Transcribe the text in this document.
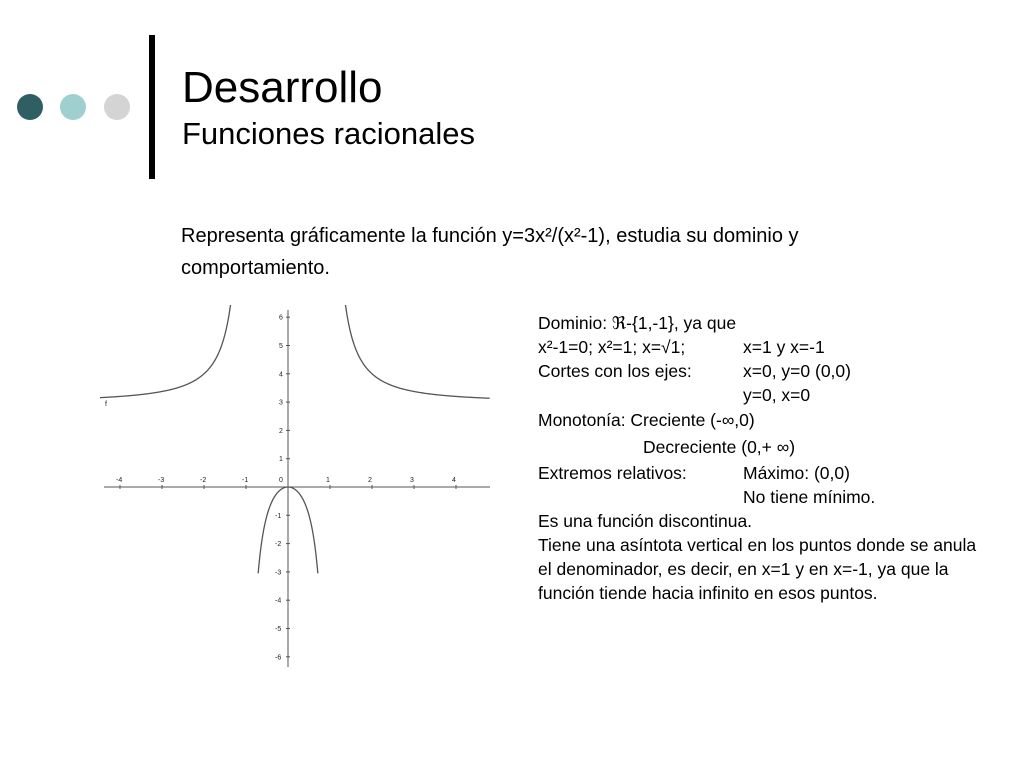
Desarrollo
Funciones racionales
Representa gráficamente la función y=3x²/(x²-1), estudia su dominio y comportamiento.
-4	-3	-2	-1	0	1	2	3	4
6
5
4
3
2
1
-1
-2
-3
-4
-5
-6
f
Dominio: ℜ-{1,-1}, ya que
x²-1=0; x²=1; x=√1;	x=1 y x=-1
Cortes con los ejes:	x=0, y=0 (0,0)
y=0, x=0
Monotonía: Creciente (-∞,0)
Decreciente (0,+ ∞)
Extremos relativos:	Máximo: (0,0)
No tiene mínimo.
Es una función discontinua.
Tiene una asíntota vertical en los puntos donde se anula el denominador, es decir, en x=1 y en x=-1, ya que la función tiende hacia infinito en esos puntos.
